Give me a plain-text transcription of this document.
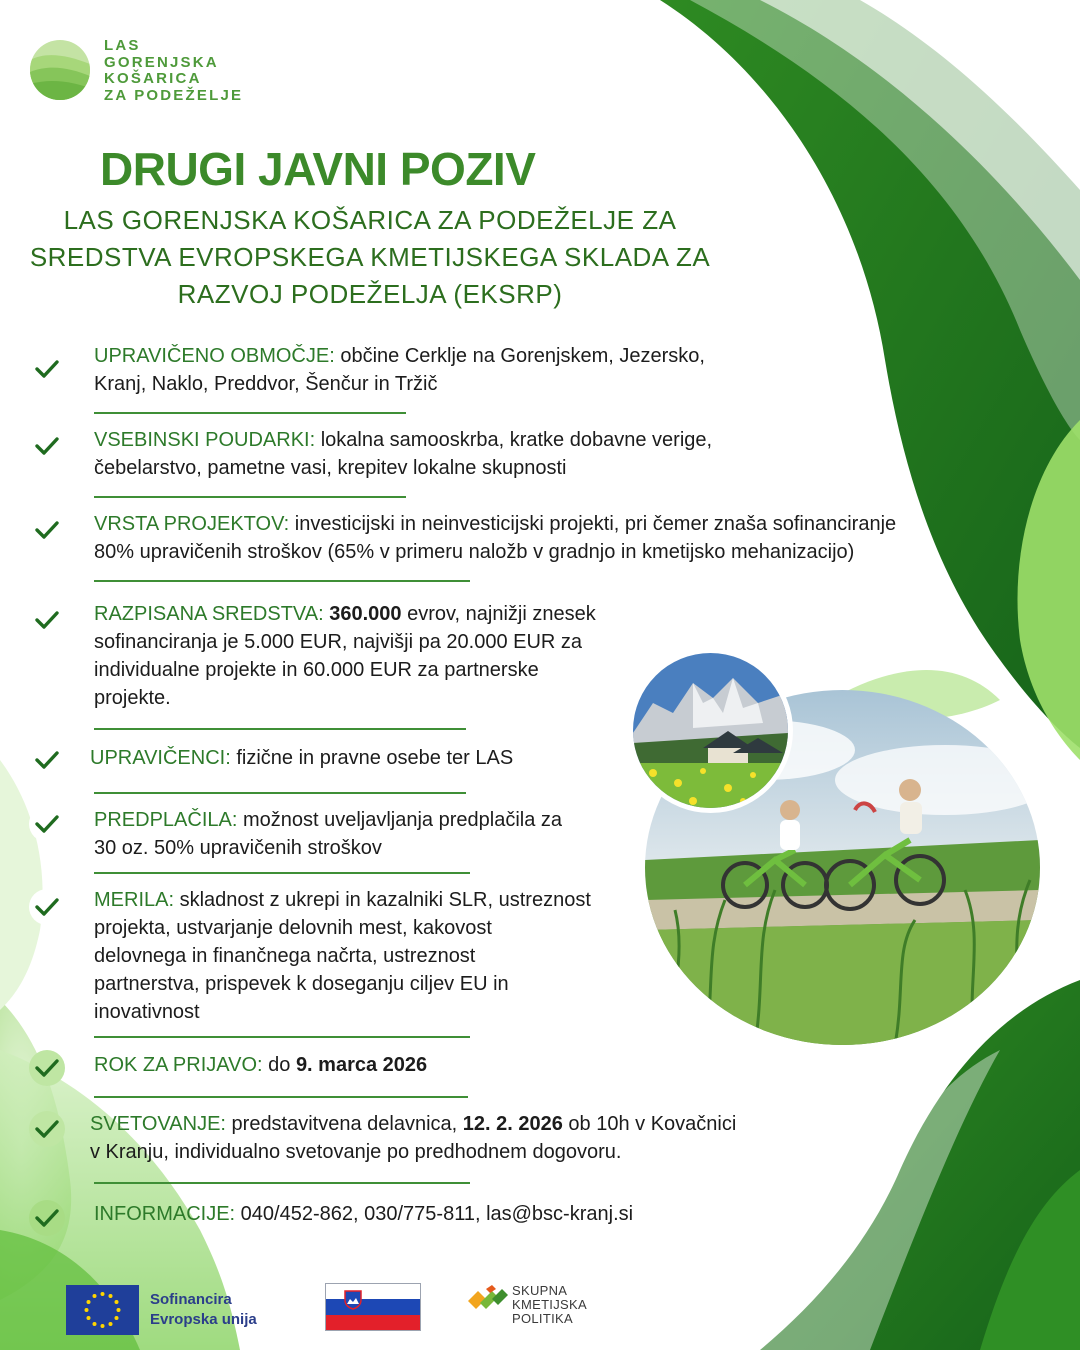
LAS
GORENJSKA
KOŠARICA
ZA PODEŽELJE
DRUGI JAVNI POZIV
LAS GORENJSKA KOŠARICA ZA PODEŽELJE ZA
SREDSTVA EVROPSKEGA KMETIJSKEGA SKLADA ZA
RAZVOJ PODEŽELJA (EKSRP)
UPRAVIČENO OBMOČJE: občine Cerklje na Gorenjskem, Jezersko,
Kranj, Naklo, Preddvor, Šenčur in Tržič
VSEBINSKI POUDARKI: lokalna samooskrba, kratke dobavne verige,
čebelarstvo, pametne vasi, krepitev lokalne skupnosti
VRSTA PROJEKTOV: investicijski in neinvesticijski projekti, pri čemer znaša sofinanciranje
80% upravičenih stroškov (65% v primeru naložb v gradnjo in kmetijsko mehanizacijo)
RAZPISANA SREDSTVA: 360.000 evrov, najnižji znesek
sofinanciranja je 5.000 EUR, najvišji pa 20.000 EUR za
individualne projekte in 60.000 EUR za partnerske
projekte.
UPRAVIČENCI: fizične in pravne osebe ter LAS
PREDPLAČILA: možnost uveljavljanja predplačila za
30 oz. 50% upravičenih stroškov
MERILA: skladnost z ukrepi in kazalniki SLR, ustreznost
projekta, ustvarjanje delovnih mest, kakovost
delovnega in finančnega načrta, ustreznost
partnerstva, prispevek k doseganju ciljev EU in
inovativnost
ROK ZA PRIJAVO: do 9. marca 2026
SVETOVANJE: predstavitvena delavnica, 12. 2. 2026 ob 10h v Kovačnici
v Kranju, individualno svetovanje po predhodnem dogovoru.
INFORMACIJE: 040/452-862, 030/775-811, las@bsc-kranj.si
Sofinancira
Evropska unija
SKUPNA
KMETIJSKA
POLITIKA
